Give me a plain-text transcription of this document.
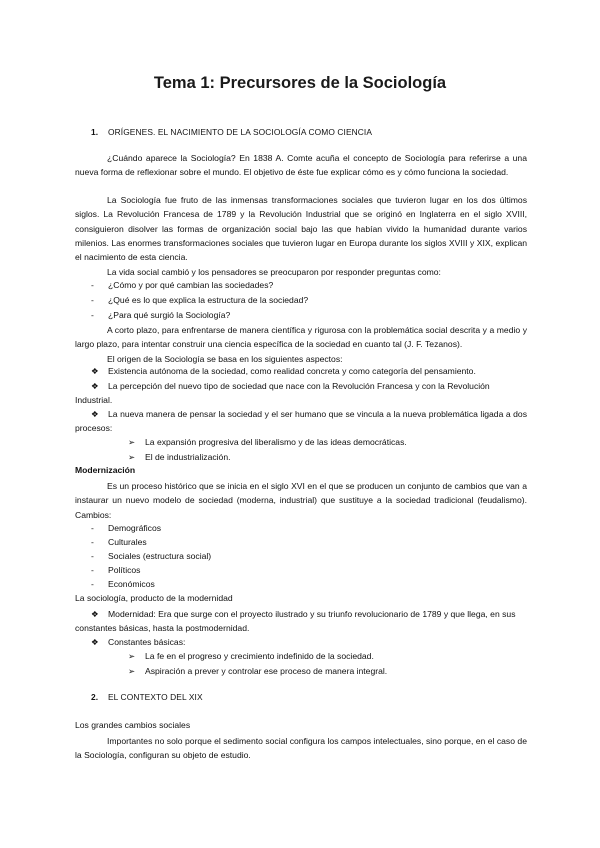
Tema 1: Precursores de la Sociología
1. ORÍGENES. EL NACIMIENTO DE LA SOCIOLOGÍA COMO CIENCIA
¿Cuándo aparece la Sociología? En 1838 A. Comte acuña el concepto de Sociología para referirse a una nueva forma de reflexionar sobre el mundo. El objetivo de éste fue explicar cómo es y cómo funciona la sociedad.
La Sociología fue fruto de las inmensas transformaciones sociales que tuvieron lugar en los dos últimos siglos. La Revolución Francesa de 1789 y la Revolución Industrial que se originó en Inglaterra en el siglo XVIII, consiguieron disolver las formas de organización social bajo las que habían vivido la humanidad durante varios milenios. Las enormes transformaciones sociales que tuvieron lugar en Europa durante los siglos XVIII y XIX, explican el nacimiento de esta ciencia.
La vida social cambió y los pensadores se preocuparon por responder preguntas como:
- ¿Cómo y por qué cambian las sociedades?
- ¿Qué es lo que explica la estructura de la sociedad?
- ¿Para qué surgió la Sociología?
A corto plazo, para enfrentarse de manera científica y rigurosa con la problemática social descrita y a medio y largo plazo, para intentar construir una ciencia específica de la sociedad en cuanto tal (J. F. Tezanos).
El origen de la Sociología se basa en los siguientes aspectos:
❖ Existencia autónoma de la sociedad, como realidad concreta y como categoría del pensamiento.
❖	La percepción del nuevo tipo de sociedad que nace con la Revolución Francesa y con la Revolución Industrial.
❖	La nueva manera de pensar la sociedad y el ser humano que se vincula a la nueva problemática ligada a dos procesos:
➢ La expansión progresiva del liberalismo y de las ideas democráticas.
➢ El de industrialización.
Modernización
Es un proceso histórico que se inicia en el siglo XVI en el que se producen un conjunto de cambios que van a instaurar un nuevo modelo de sociedad (moderna, industrial) que sustituye a la sociedad tradicional (feudalismo). Cambios:
- Demográficos
- Culturales
- Sociales (estructura social)
- Políticos
- Económicos
La sociología, producto de la modernidad
❖	Modernidad: Era que surge con el proyecto ilustrado y su triunfo revolucionario de 1789 y que llega, en sus constantes básicas, hasta la postmodernidad.
❖ Constantes básicas:
➢ La fe en el progreso y crecimiento indefinido de la sociedad.
➢ Aspiración a prever y controlar ese proceso de manera integral.
2. EL CONTEXTO DEL XIX
Los grandes cambios sociales
Importantes no solo porque el sedimento social configura los campos intelectuales, sino porque, en el caso de la Sociología, configuran su objeto de estudio.
